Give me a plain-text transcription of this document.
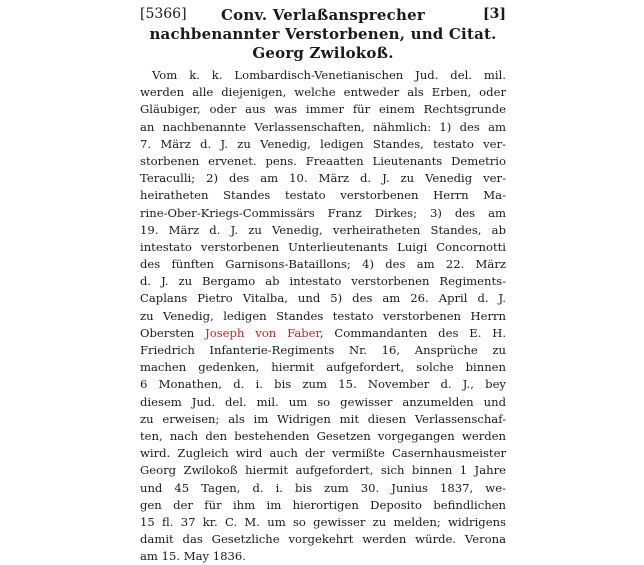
[5366]	[3]
Conv. Verlaßansprecher
nachbenannter Verstorbenen, und Citat.
Georg Zwilokoß.
Vom k. k. Lombardisch-Venetianischen Jud. del. mil.
werden alle diejenigen, welche entweder als Erben, oder
Gläubiger, oder aus was immer für einem Rechtsgrunde
an nachbenannte Verlassenschaften, nähmlich: 1) des am
7. März d. J. zu Venedig, ledigen Standes, testato ver-
storbenen ervenet. pens. Freaatten Lieutenants Demetrio
Teraculli; 2) des am 10. März d. J. zu Venedig ver-
heiratheten Standes testato verstorbenen Herrn Ma-
rine-Ober-Kriegs-Commissärs Franz Dirkes; 3) des am
19. März d. J. zu Venedig, verheiratheten Standes, ab
intestato verstorbenen Unterlieutenants Luigi Concornotti
des fünften Garnisons-Bataillons; 4) des am 22. März
d. J. zu Bergamo ab intestato verstorbenen Regiments-
Caplans Pietro Vitalba, und 5) des am 26. April d. J.
zu Venedig, ledigen Standes testato verstorbenen Herrn
Obersten Joseph von Faber, Commandanten des E. H.
Friedrich Infanterie-Regiments Nr. 16, Ansprüche zu
machen gedenken, hiermit aufgefordert, solche binnen
6 Monathen, d. i. bis zum 15. November d. J., bey
diesem Jud. del. mil. um so gewisser anzumelden und
zu erweisen; als im Widrigen mit diesen Verlassenschaf-
ten, nach den bestehenden Gesetzen vorgegangen werden
wird. Zugleich wird auch der vermißte Casernhausmeister
Georg Zwilokoß hiermit aufgefordert, sich binnen 1 Jahre
und 45 Tagen, d. i. bis zum 30. Junius 1837, we-
gen der für ihm im hierortigen Deposito befindlichen
15 fl. 37 kr. C. M. um so gewisser zu melden; widrigens
damit das Gesetzliche vorgekehrt werden würde. Verona
am 15. May 1836.
